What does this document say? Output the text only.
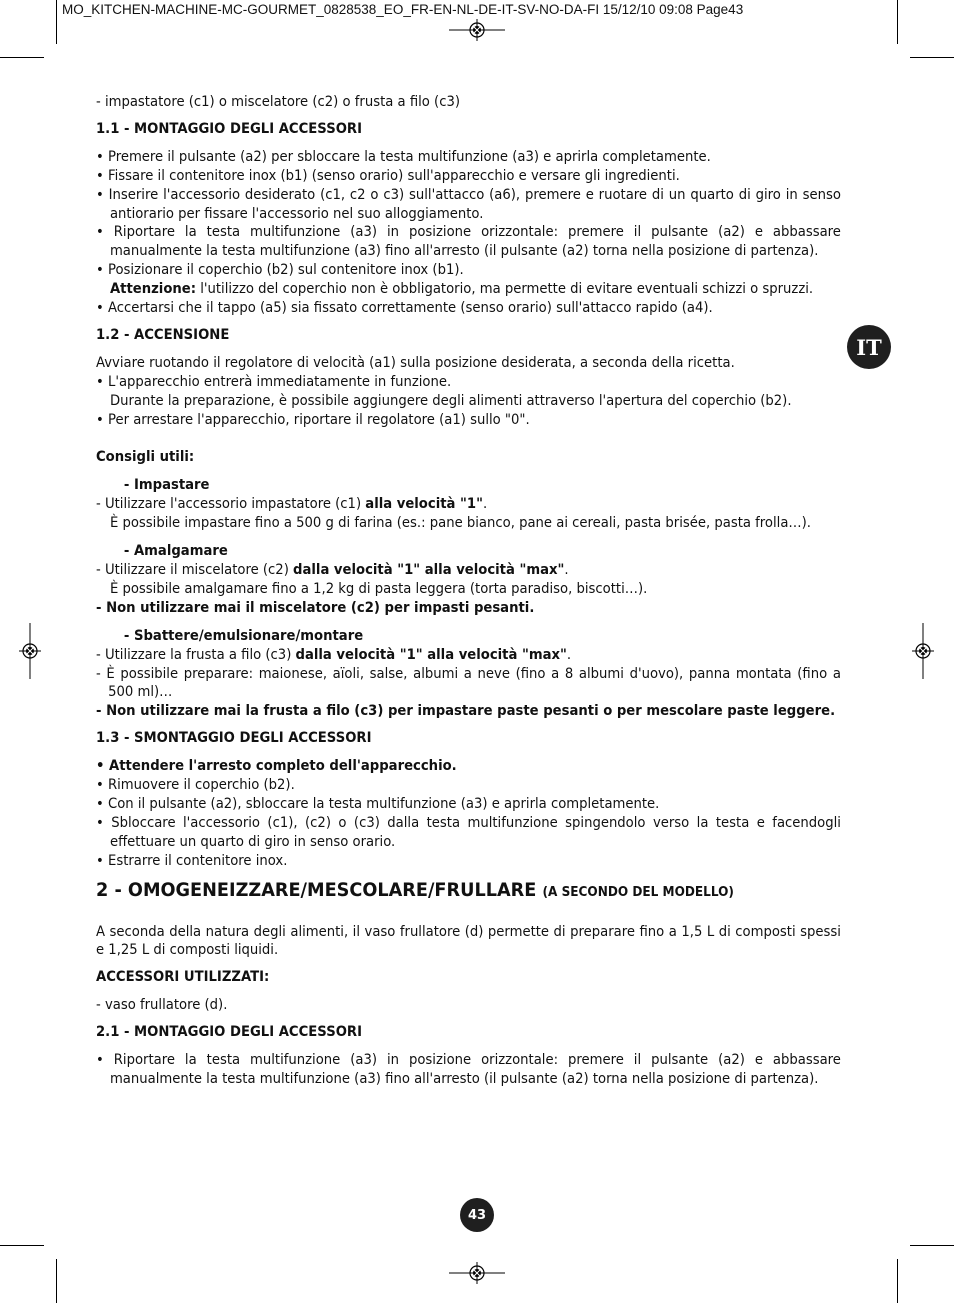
MO_KITCHEN-MACHINE-MC-GOURMET_0828538_EO_FR-EN-NL-DE-IT-SV-NO-DA-FI 15/12/10 09:08 Page43
IT

- impastatore (c1) o miscelatore (c2) o frusta a filo (c3)

1.1 - MONTAGGIO DEGLI ACCESSORI

• Premere il pulsante (a2) per sbloccare la testa multifunzione (a3) e aprirla completamente.

• Fissare il contenitore inox (b1) (senso orario) sull'apparecchio e versare gli ingredienti.

• Inserire l'accessorio desiderato (c1, c2 o c3) sull'attacco (a6), premere e ruotare di un quarto di giro in senso antiorario per fissare l'accessorio nel suo alloggiamento.

• Riportare la testa multifunzione (a3) in posizione orizzontale: premere il pulsante (a2) e abbassare manualmente la testa multifunzione (a3) fino all'arresto (il pulsante (a2) torna nella posizione di partenza).

• Posizionare il coperchio (b2) sul contenitore inox (b1).

Attenzione: l'utilizzo del coperchio non è obbligatorio, ma permette di evitare eventuali schizzi o spruzzi.

• Accertarsi che il tappo (a5) sia fissato correttamente (senso orario) sull'attacco rapido (a4).

1.2 - ACCENSIONE

Avviare ruotando il regolatore di velocità (a1) sulla posizione desiderata, a seconda della ricetta.

• L'apparecchio entrerà immediatamente in funzione.

Durante la preparazione, è possibile aggiungere degli alimenti attraverso l'apertura del coperchio (b2).

• Per arrestare l'apparecchio, riportare il regolatore (a1) sullo "0".

Consigli utili:

- Impastare

- Utilizzare l'accessorio impastatore (c1) alla velocità "1".

È possibile impastare fino a 500 g di farina (es.: pane bianco, pane ai cereali, pasta brisée, pasta frolla…).

- Amalgamare

- Utilizzare il miscelatore (c2) dalla velocità "1" alla velocità "max".

È possibile amalgamare fino a 1,2 kg di pasta leggera (torta paradiso, biscotti…).

- Non utilizzare mai il miscelatore (c2) per impasti pesanti.

- Sbattere/emulsionare/montare

- Utilizzare la frusta a filo (c3) dalla velocità "1" alla velocità "max".

- È possibile preparare: maionese, aïoli, salse, albumi a neve (fino a 8 albumi d'uovo), panna montata (fino a 500 ml)…

- Non utilizzare mai la frusta a filo (c3) per impastare paste pesanti o per mescolare paste leggere.

1.3 - SMONTAGGIO DEGLI ACCESSORI

• Attendere l'arresto completo dell'apparecchio.

• Rimuovere il coperchio (b2).

• Con il pulsante (a2), sbloccare la testa multifunzione (a3) e aprirla completamente.

• Sbloccare l'accessorio (c1), (c2) o (c3) dalla testa multifunzione spingendolo verso la testa e facendogli effettuare un quarto di giro in senso orario.

• Estrarre il contenitore inox.

2 - OMOGENEIZZARE/MESCOLARE/FRULLARE (A SECONDO DEL MODELLO)

A seconda della natura degli alimenti, il vaso frullatore (d) permette di preparare fino a 1,5 L di composti spessi e 1,25 L di composti liquidi.

ACCESSORI UTILIZZATI:

- vaso frullatore (d).

2.1 - MONTAGGIO DEGLI ACCESSORI

• Riportare la testa multifunzione (a3) in posizione orizzontale: premere il pulsante (a2) e abbassare manualmente la testa multifunzione (a3) fino all'arresto (il pulsante (a2) torna nella posizione di partenza).

43
